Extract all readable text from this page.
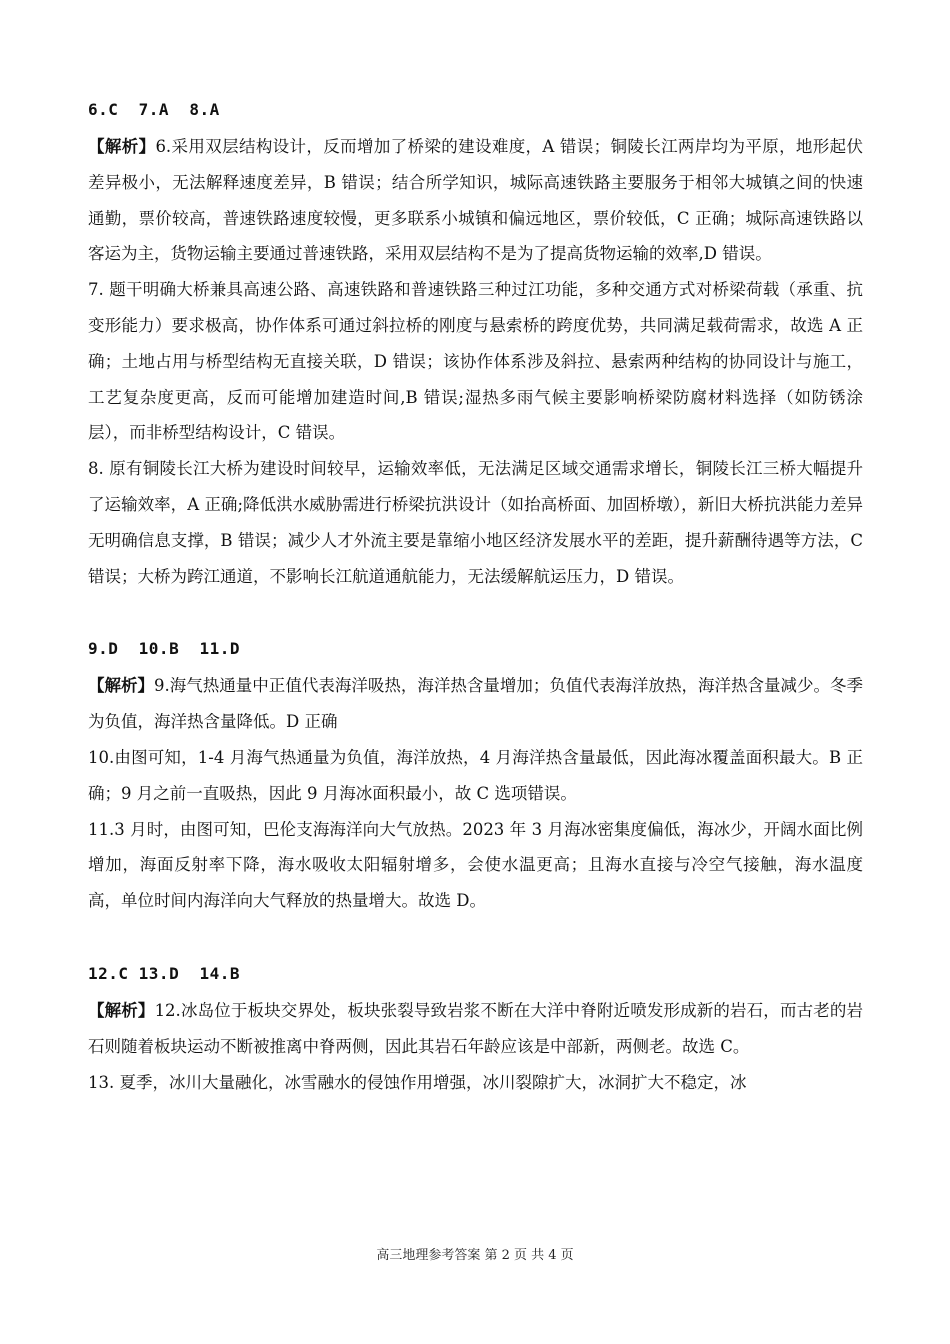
6.C  7.A  8.A

【解析】6.采用双层结构设计，反而增加了桥梁的建设难度，A 错误；铜陵长江两岸均为平原，地形起伏差异极小，无法解释速度差异，B 错误；结合所学知识，城际高速铁路主要服务于相邻大城镇之间的快速通勤，票价较高，普速铁路速度较慢，更多联系小城镇和偏远地区，票价较低，C 正确；城际高速铁路以客运为主，货物运输主要通过普速铁路，采用双层结构不是为了提高货物运输的效率,D 错误。

7. 题干明确大桥兼具高速公路、高速铁路和普速铁路三种过江功能，多种交通方式对桥梁荷载（承重、抗变形能力）要求极高，协作体系可通过斜拉桥的刚度与悬索桥的跨度优势，共同满足载荷需求，故选 A 正确；土地占用与桥型结构无直接关联，D 错误；该协作体系涉及斜拉、悬索两种结构的协同设计与施工，工艺复杂度更高，反而可能增加建造时间,B 错误;湿热多雨气候主要影响桥梁防腐材料选择（如防锈涂层），而非桥型结构设计，C 错误。

8. 原有铜陵长江大桥为建设时间较早，运输效率低，无法满足区域交通需求增长，铜陵长江三桥大幅提升了运输效率，A 正确;降低洪水威胁需进行桥梁抗洪设计（如抬高桥面、加固桥墩），新旧大桥抗洪能力差异无明确信息支撑，B 错误；减少人才外流主要是靠缩小地区经济发展水平的差距，提升薪酬待遇等方法，C 错误；大桥为跨江通道，不影响长江航道通航能力，无法缓解航运压力，D 错误。

9.D  10.B  11.D

【解析】9.海气热通量中正值代表海洋吸热，海洋热含量增加；负值代表海洋放热，海洋热含量减少。冬季为负值，海洋热含量降低。D 正确

10.由图可知，1-4 月海气热通量为负值，海洋放热，4 月海洋热含量最低，因此海冰覆盖面积最大。B 正确；9 月之前一直吸热，因此 9 月海冰面积最小，故 C 选项错误。

11.3 月时，由图可知，巴伦支海海洋向大气放热。2023 年 3 月海冰密集度偏低，海冰少，开阔水面比例增加，海面反射率下降，海水吸收太阳辐射增多，会使水温更高；且海水直接与冷空气接触，海水温度高，单位时间内海洋向大气释放的热量增大。故选 D。

12.C 13.D  14.B

【解析】12.冰岛位于板块交界处，板块张裂导致岩浆不断在大洋中脊附近喷发形成新的岩石，而古老的岩石则随着板块运动不断被推离中脊两侧，因此其岩石年龄应该是中部新，两侧老。故选 C。

13. 夏季，冰川大量融化，冰雪融水的侵蚀作用增强，冰川裂隙扩大，冰洞扩大不稳定，冰

高三地理参考答案 第 2 页 共 4 页
